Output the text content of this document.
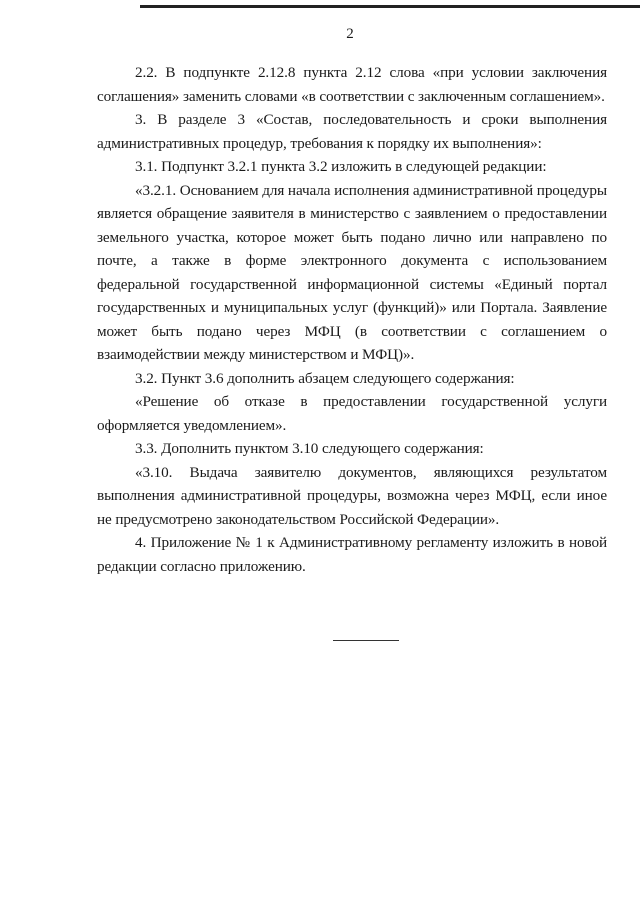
2

2.2. В подпункте 2.12.8 пункта 2.12 слова «при условии заключения соглашения» заменить словами «в соответствии с заключенным соглашением».

3. В разделе 3 «Состав, последовательность и сроки выполнения административных процедур, требования к порядку их выполнения»:

3.1. Подпункт 3.2.1 пункта 3.2 изложить в следующей редакции:

«3.2.1. Основанием для начала исполнения административной процедуры является обращение заявителя в министерство с заявлением о предоставлении земельного участка, которое может быть подано лично или направлено по почте, а также в форме электронного документа с использованием федеральной государственной информационной системы «Единый портал государственных и муниципальных услуг (функций)» или Портала. Заявление может быть подано через МФЦ (в соответствии с соглашением о взаимодействии между министерством и МФЦ)».

3.2. Пункт 3.6 дополнить абзацем следующего содержания:

«Решение об отказе в предоставлении государственной услуги оформляется уведомлением».

3.3. Дополнить пунктом 3.10 следующего содержания:

«3.10. Выдача заявителю документов, являющихся результатом выполнения административной процедуры, возможна через МФЦ, если иное не предусмотрено законодательством Российской Федерации».

4. Приложение № 1 к Административному регламенту изложить в новой редакции согласно приложению.
